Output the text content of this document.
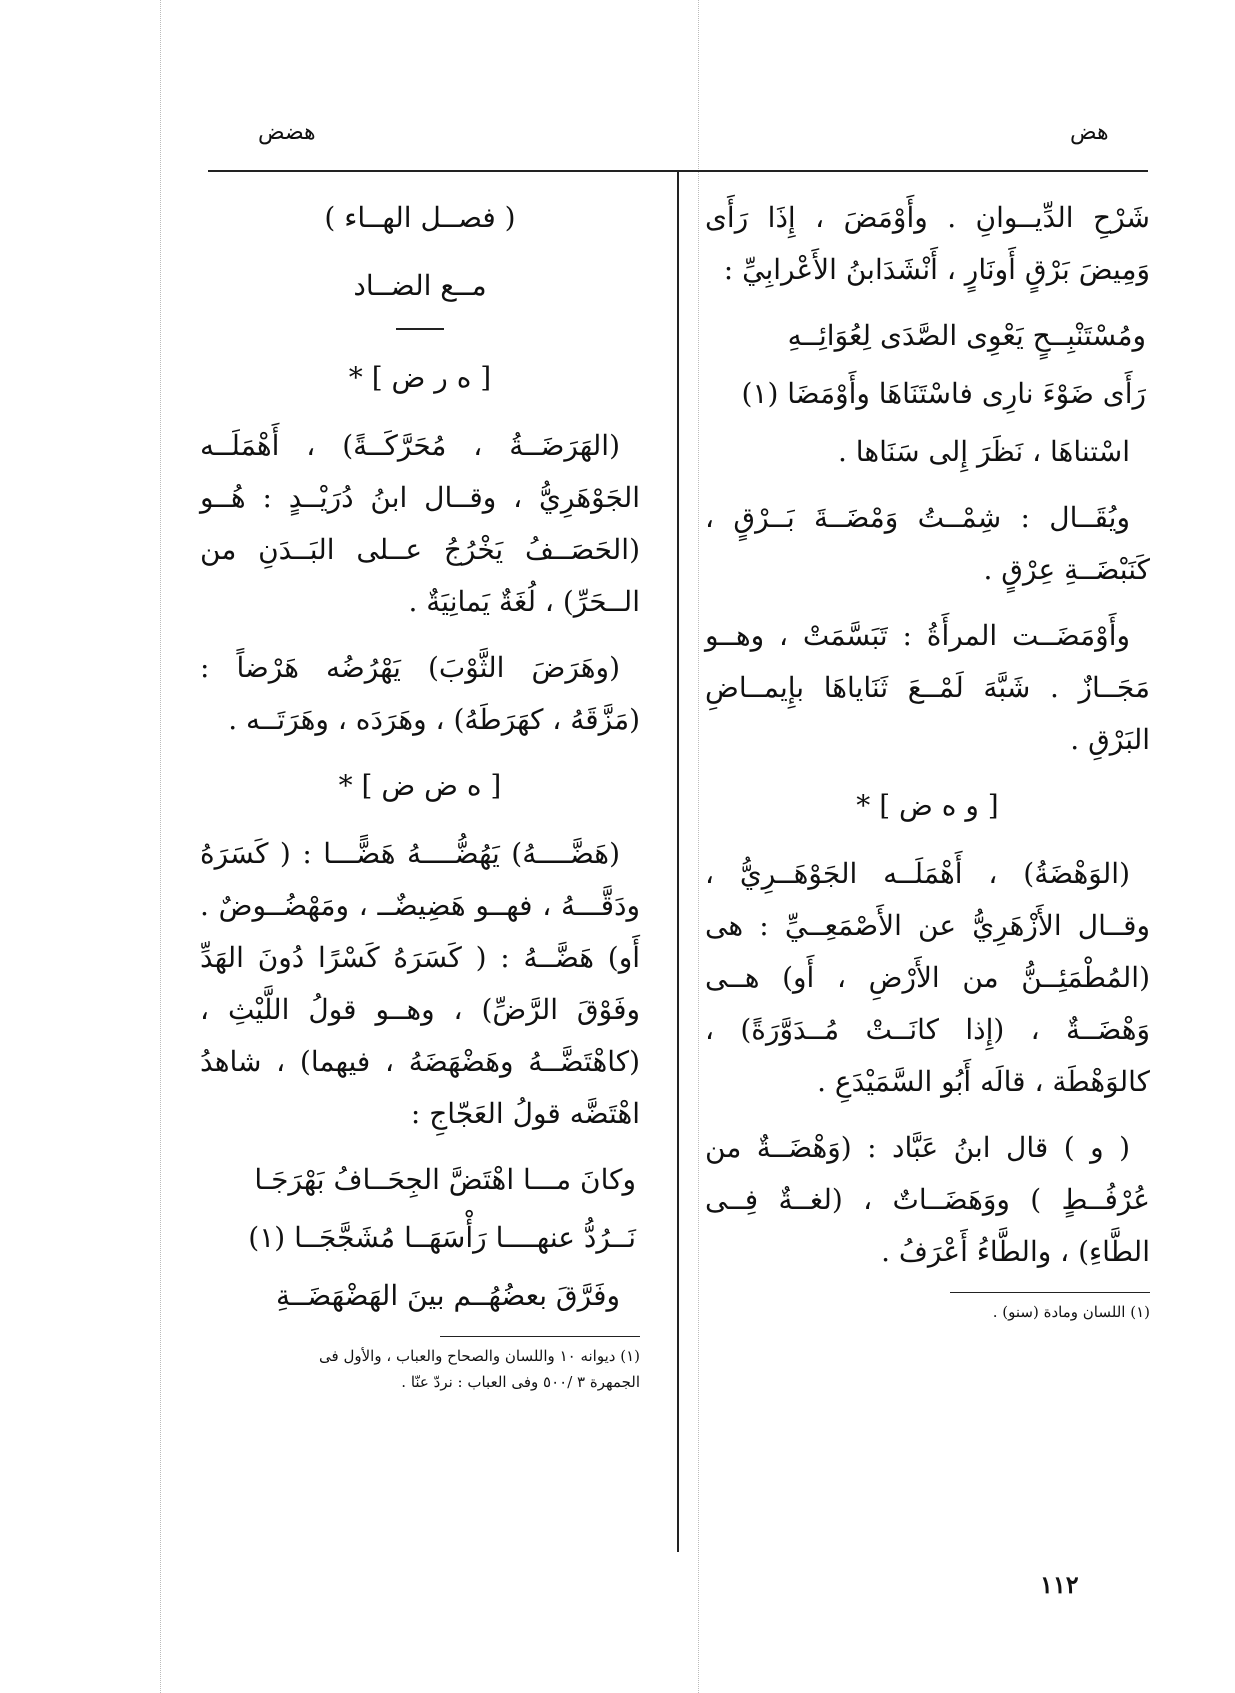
هض
هضض

شَرْحِ الدِّيــوانِ . وأَوْمَضَ ، إِذَا رَأَى وَمِيضَ بَرْقٍ أَونَارٍ ، أَنْشَدَابنُ الأَعْرابِيِّ :

ومُسْتَنْبِــحٍ يَعْوِى الصَّدَى لِعُوَائِــهِ

رَأَى ضَوْءَ نارِى فاسْتَنَاهَا وأَوْمَضَا (١)

اسْتناهَا ، نَظَرَ إِلى سَنَاها .

ويُقَــال : شِمْــتُ وَمْضَــةَ بَــرْقٍ ، كَنَبْضَــةِ عِرْقٍ .

وأَوْمَضَــت المرأَةُ : تَبَسَّمَتْ ، وهــو مَجَــازٌ . شَبَّهَ لَمْــعَ ثَنَاياهَا بإِيمــاضِ البَرْقِ .

[ و ه ض ] *

(الوَهْضَةُ) ، أَهْمَلَــه الجَوْهَــرِيُّ ، وقــال الأَزْهَرِيُّ عن الأَصْمَعِــيِّ : هى (المُطْمَئِــنُّ من الأَرْضِ ، أَو) هــى وَهْضَــةٌ ، (إِذا كانَــتْ مُــدَوَّرَةً) ، كالوَهْطَة ، قالَه أَبُو السَّمَيْدَعِ .

( و ) قال ابنُ عَبَّاد : (وَهْضَــةٌ من عُرْفُــطٍ ) ووَهَضَــاتٌ ، (لغــةٌ فِــى الطَّاءِ) ، والطَّاءُ أَعْرَفُ .

(١) اللسان ومادة (سنو) .

( فصــل الهــاء )

مــع الضــاد

[ ه ر ض ] *

(الهَرَضَــةُ ، مُحَرَّكَــةً) ، أَهْمَلَــه الجَوْهَرِيُّ ، وقــال ابنُ دُرَيْــدٍ : هُــو (الحَصَــفُ يَخْرُجُ عــلى البَــدَنِ من الــحَرِّ) ، لُغَةٌ يَمانِيَةٌ .

(وهَرَضَ الثَّوْبَ) يَهْرُضُه هَرْضاً : (مَزَّقَهُ ، كهَرَطَهُ) ، وهَرَدَه ، وهَرَتَــه .

[ ه ض ض ] *

(هَضَّــــهُ) يَهُضُّــــهُ هَضًّـــا : ( كَسَرَهُ ودَقَّـــهُ ، فهــو هَضِيضٌــ ، ومَهْضُــوضٌ . أَو) هَضَّــهُ : ( كَسَرَهُ كَسْرًا دُونَ الهَدِّ وفَوْقَ الرَّضِّ) ، وهــو قولُ اللَّيْثِ ، (كاهْتَضَّــهُ وهَضْهَضَهُ ، فيهما) ، شاهدُ اهْتَضَّه قولُ العَجّاجِ :

وكانَ مـــا اهْتَضَّ الجِحَــافُ بَهْرَجَـا

نَــرُدُّ عنهــــا رَأْسَهَــا مُشَجَّجَــا (١)

وفَرَّقَ بعضُهُــم بينَ الهَضْهَضَــةِ

(١) ديوانه ١٠ واللسان والصحاح والعباب ، والأول فى

الجمهرة ٣ /٥٠٠ وفى العباب : نردّ عنّا .

١١٢
